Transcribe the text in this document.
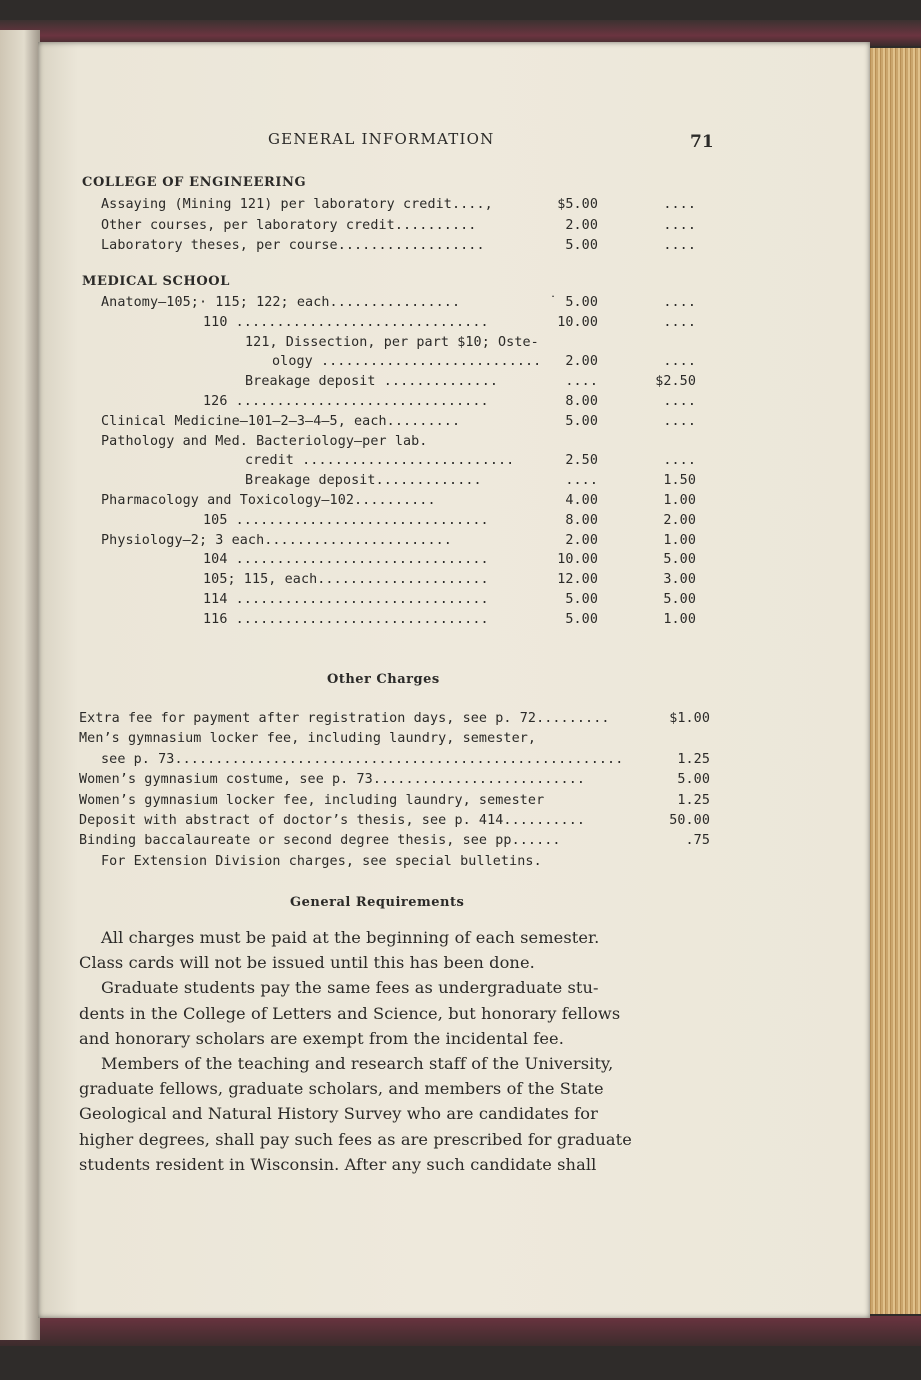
GENERAL INFORMATION	71
COLLEGE OF ENGINEERING
Assaying (Mining 121) per laboratory credit....,	$5.00	....
Other courses, per laboratory credit..........	2.00	....
Laboratory theses, per course..................	5.00	....
MEDICAL SCHOOL
Anatomy—105;· 115; 122; each................	˙ 5.00	....
110 ...............................	10.00	....
121, Dissection, per part $10; Oste-
ology ...........................	2.00	....
Breakage deposit ..............	....	$2.50
126 ...............................	8.00	....
Clinical Medicine—101–2–3–4–5, each.........	5.00	....
Pathology and Med. Bacteriology—per lab.
credit ..........................	2.50	....
Breakage deposit.............	....	1.50
Pharmacology and Toxicology—102..........	4.00	1.00
105 ...............................	8.00	2.00
Physiology—2; 3 each.......................	2.00	1.00
104 ...............................	10.00	5.00
105; 115, each.....................	12.00	3.00
114 ...............................	5.00	5.00
116 ...............................	5.00	1.00
Other Charges
Extra fee for payment after registration days, see p. 72.........	$1.00
Men’s gymnasium locker fee, including laundry, semester,
see p. 73.......................................................	1.25
Women’s gymnasium costume, see p. 73..........................	5.00
Women’s gymnasium locker fee, including laundry, semester	1.25
Deposit with abstract of doctor’s thesis, see p. 414..........	50.00
Binding baccalaureate or second degree thesis, see pp......	.75
For Extension Division charges, see special bulletins.
General Requirements
All charges must be paid at the beginning of each semester.
Class cards will not be issued until this has been done.
Graduate students pay the same fees as undergraduate stu-
dents in the College of Letters and Science, but honorary fellows
and honorary scholars are exempt from the incidental fee.
Members of the teaching and research staff of the University,
graduate fellows, graduate scholars, and members of the State
Geological and Natural History Survey who are candidates for
higher degrees, shall pay such fees as are prescribed for graduate
students resident in Wisconsin. After any such candidate shall
